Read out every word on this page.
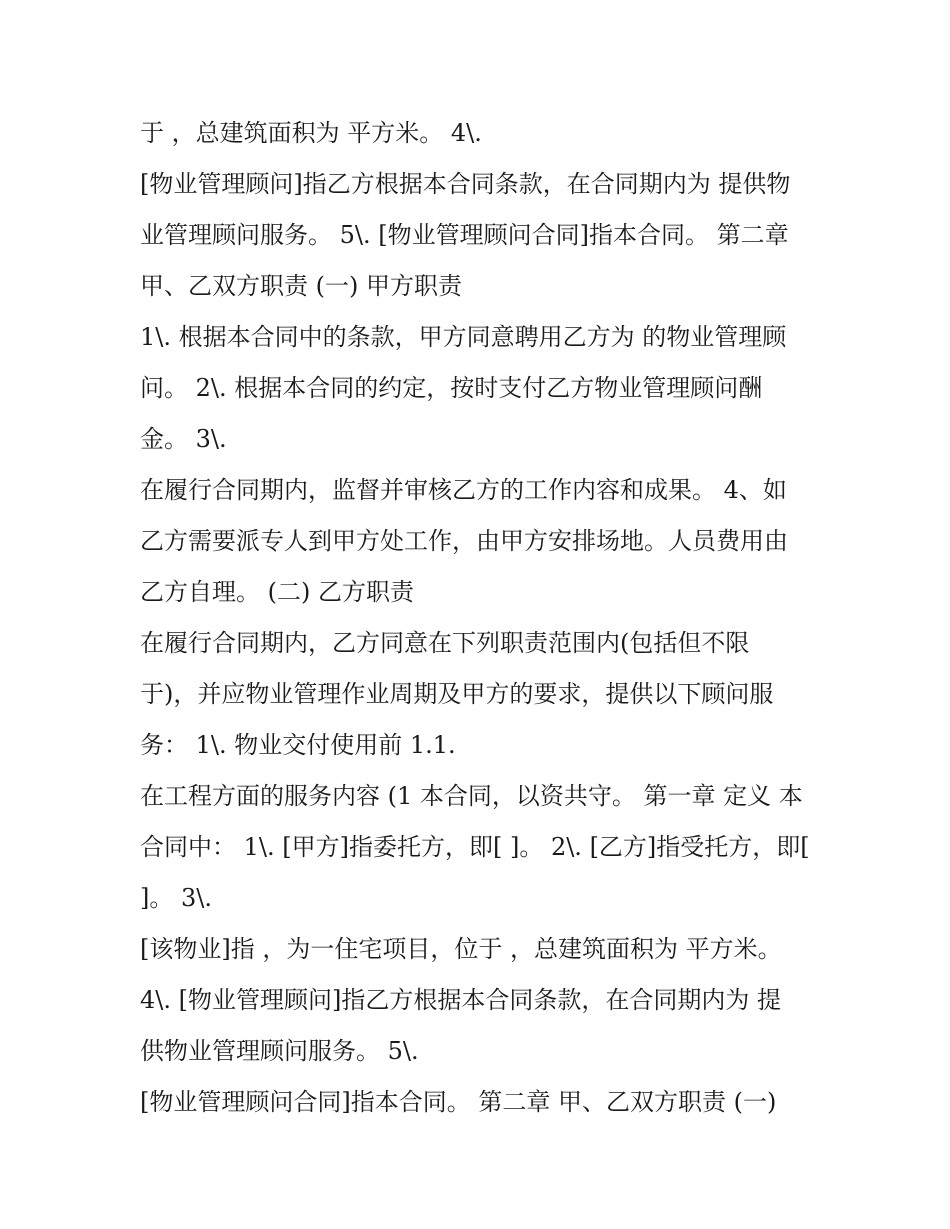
于 ，总建筑面积为 平方米。 4\.
[物业管理顾问]指乙方根据本合同条款，在合同期内为 提供物
业管理顾问服务。 5\. [物业管理顾问合同]指本合同。 第二章
甲、乙双方职责 (一) 甲方职责
1\. 根据本合同中的条款，甲方同意聘用乙方为 的物业管理顾
问。 2\. 根据本合同的约定，按时支付乙方物业管理顾问酬
金。 3\.
在履行合同期内，监督并审核乙方的工作内容和成果。 4、如
乙方需要派专人到甲方处工作，由甲方安排场地。人员费用由
乙方自理。 (二) 乙方职责
在履行合同期内，乙方同意在下列职责范围内(包括但不限
于)，并应物业管理作业周期及甲方的要求，提供以下顾问服
务： 1\. 物业交付使用前 1.1.
在工程方面的服务内容 (1 本合同，以资共守。 第一章 定义 本
合同中： 1\. [甲方]指委托方，即[ ]。 2\. [乙方]指受托方，即[
]。 3\.
[该物业]指 ，为一住宅项目，位于 ，总建筑面积为 平方米。
4\. [物业管理顾问]指乙方根据本合同条款，在合同期内为 提
供物业管理顾问服务。 5\.
[物业管理顾问合同]指本合同。 第二章 甲、乙双方职责 (一)
